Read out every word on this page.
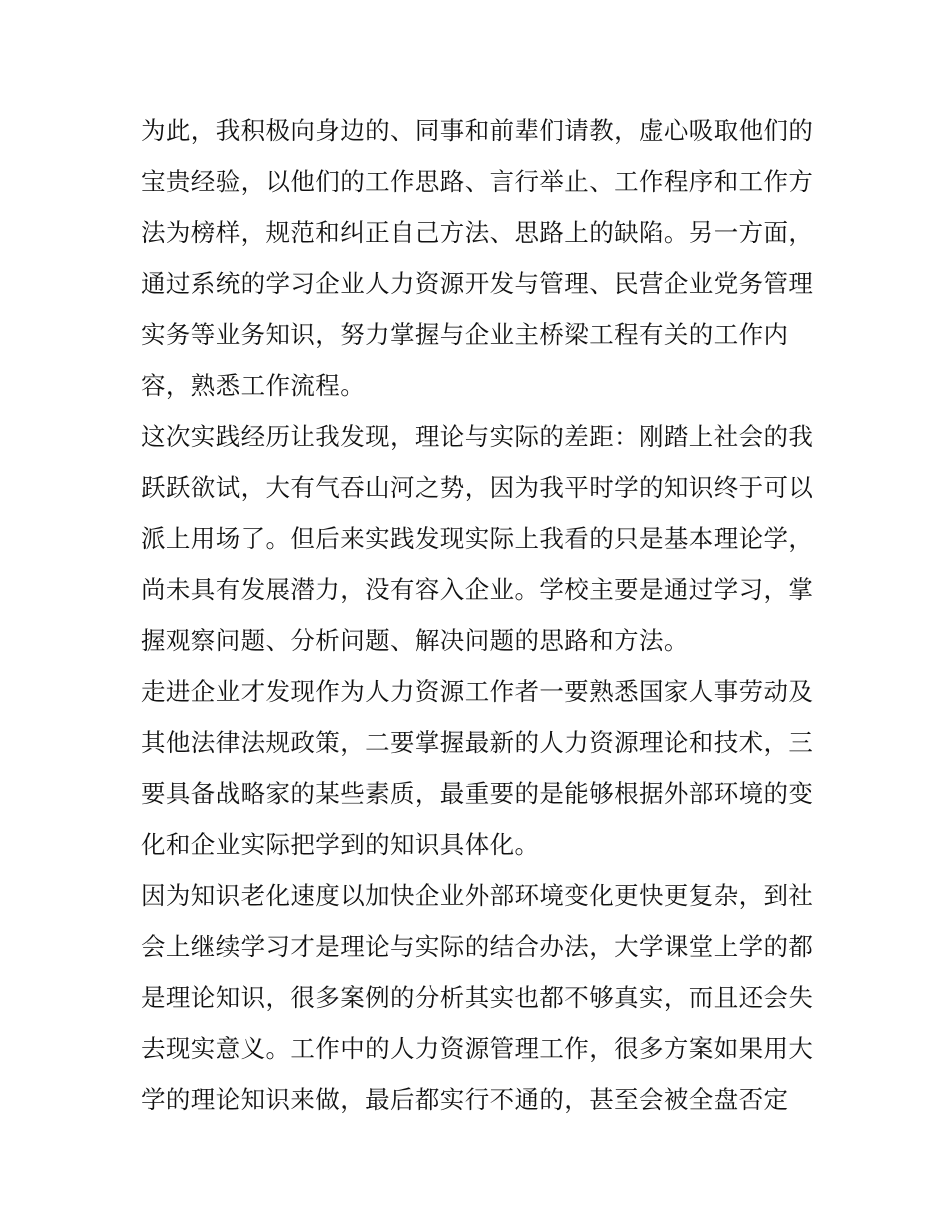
为此，我积极向身边的、同事和前辈们请教，虚心吸取他们的
宝贵经验，以他们的工作思路、言行举止、工作程序和工作方
法为榜样，规范和纠正自己方法、思路上的缺陷。另一方面，
通过系统的学习企业人力资源开发与管理、民营企业党务管理
实务等业务知识，努力掌握与企业主桥梁工程有关的工作内
容，熟悉工作流程。
这次实践经历让我发现，理论与实际的差距：刚踏上社会的我
跃跃欲试，大有气吞山河之势，因为我平时学的知识终于可以
派上用场了。但后来实践发现实际上我看的只是基本理论学，
尚未具有发展潜力，没有容入企业。学校主要是通过学习，掌
握观察问题、分析问题、解决问题的思路和方法。
走进企业才发现作为人力资源工作者一要熟悉国家人事劳动及
其他法律法规政策，二要掌握最新的人力资源理论和技术，三
要具备战略家的某些素质，最重要的是能够根据外部环境的变
化和企业实际把学到的知识具体化。
因为知识老化速度以加快企业外部环境变化更快更复杂，到社
会上继续学习才是理论与实际的结合办法，大学课堂上学的都
是理论知识，很多案例的分析其实也都不够真实，而且还会失
去现实意义。工作中的人力资源管理工作，很多方案如果用大
学的理论知识来做，最后都实行不通的，甚至会被全盘否定
